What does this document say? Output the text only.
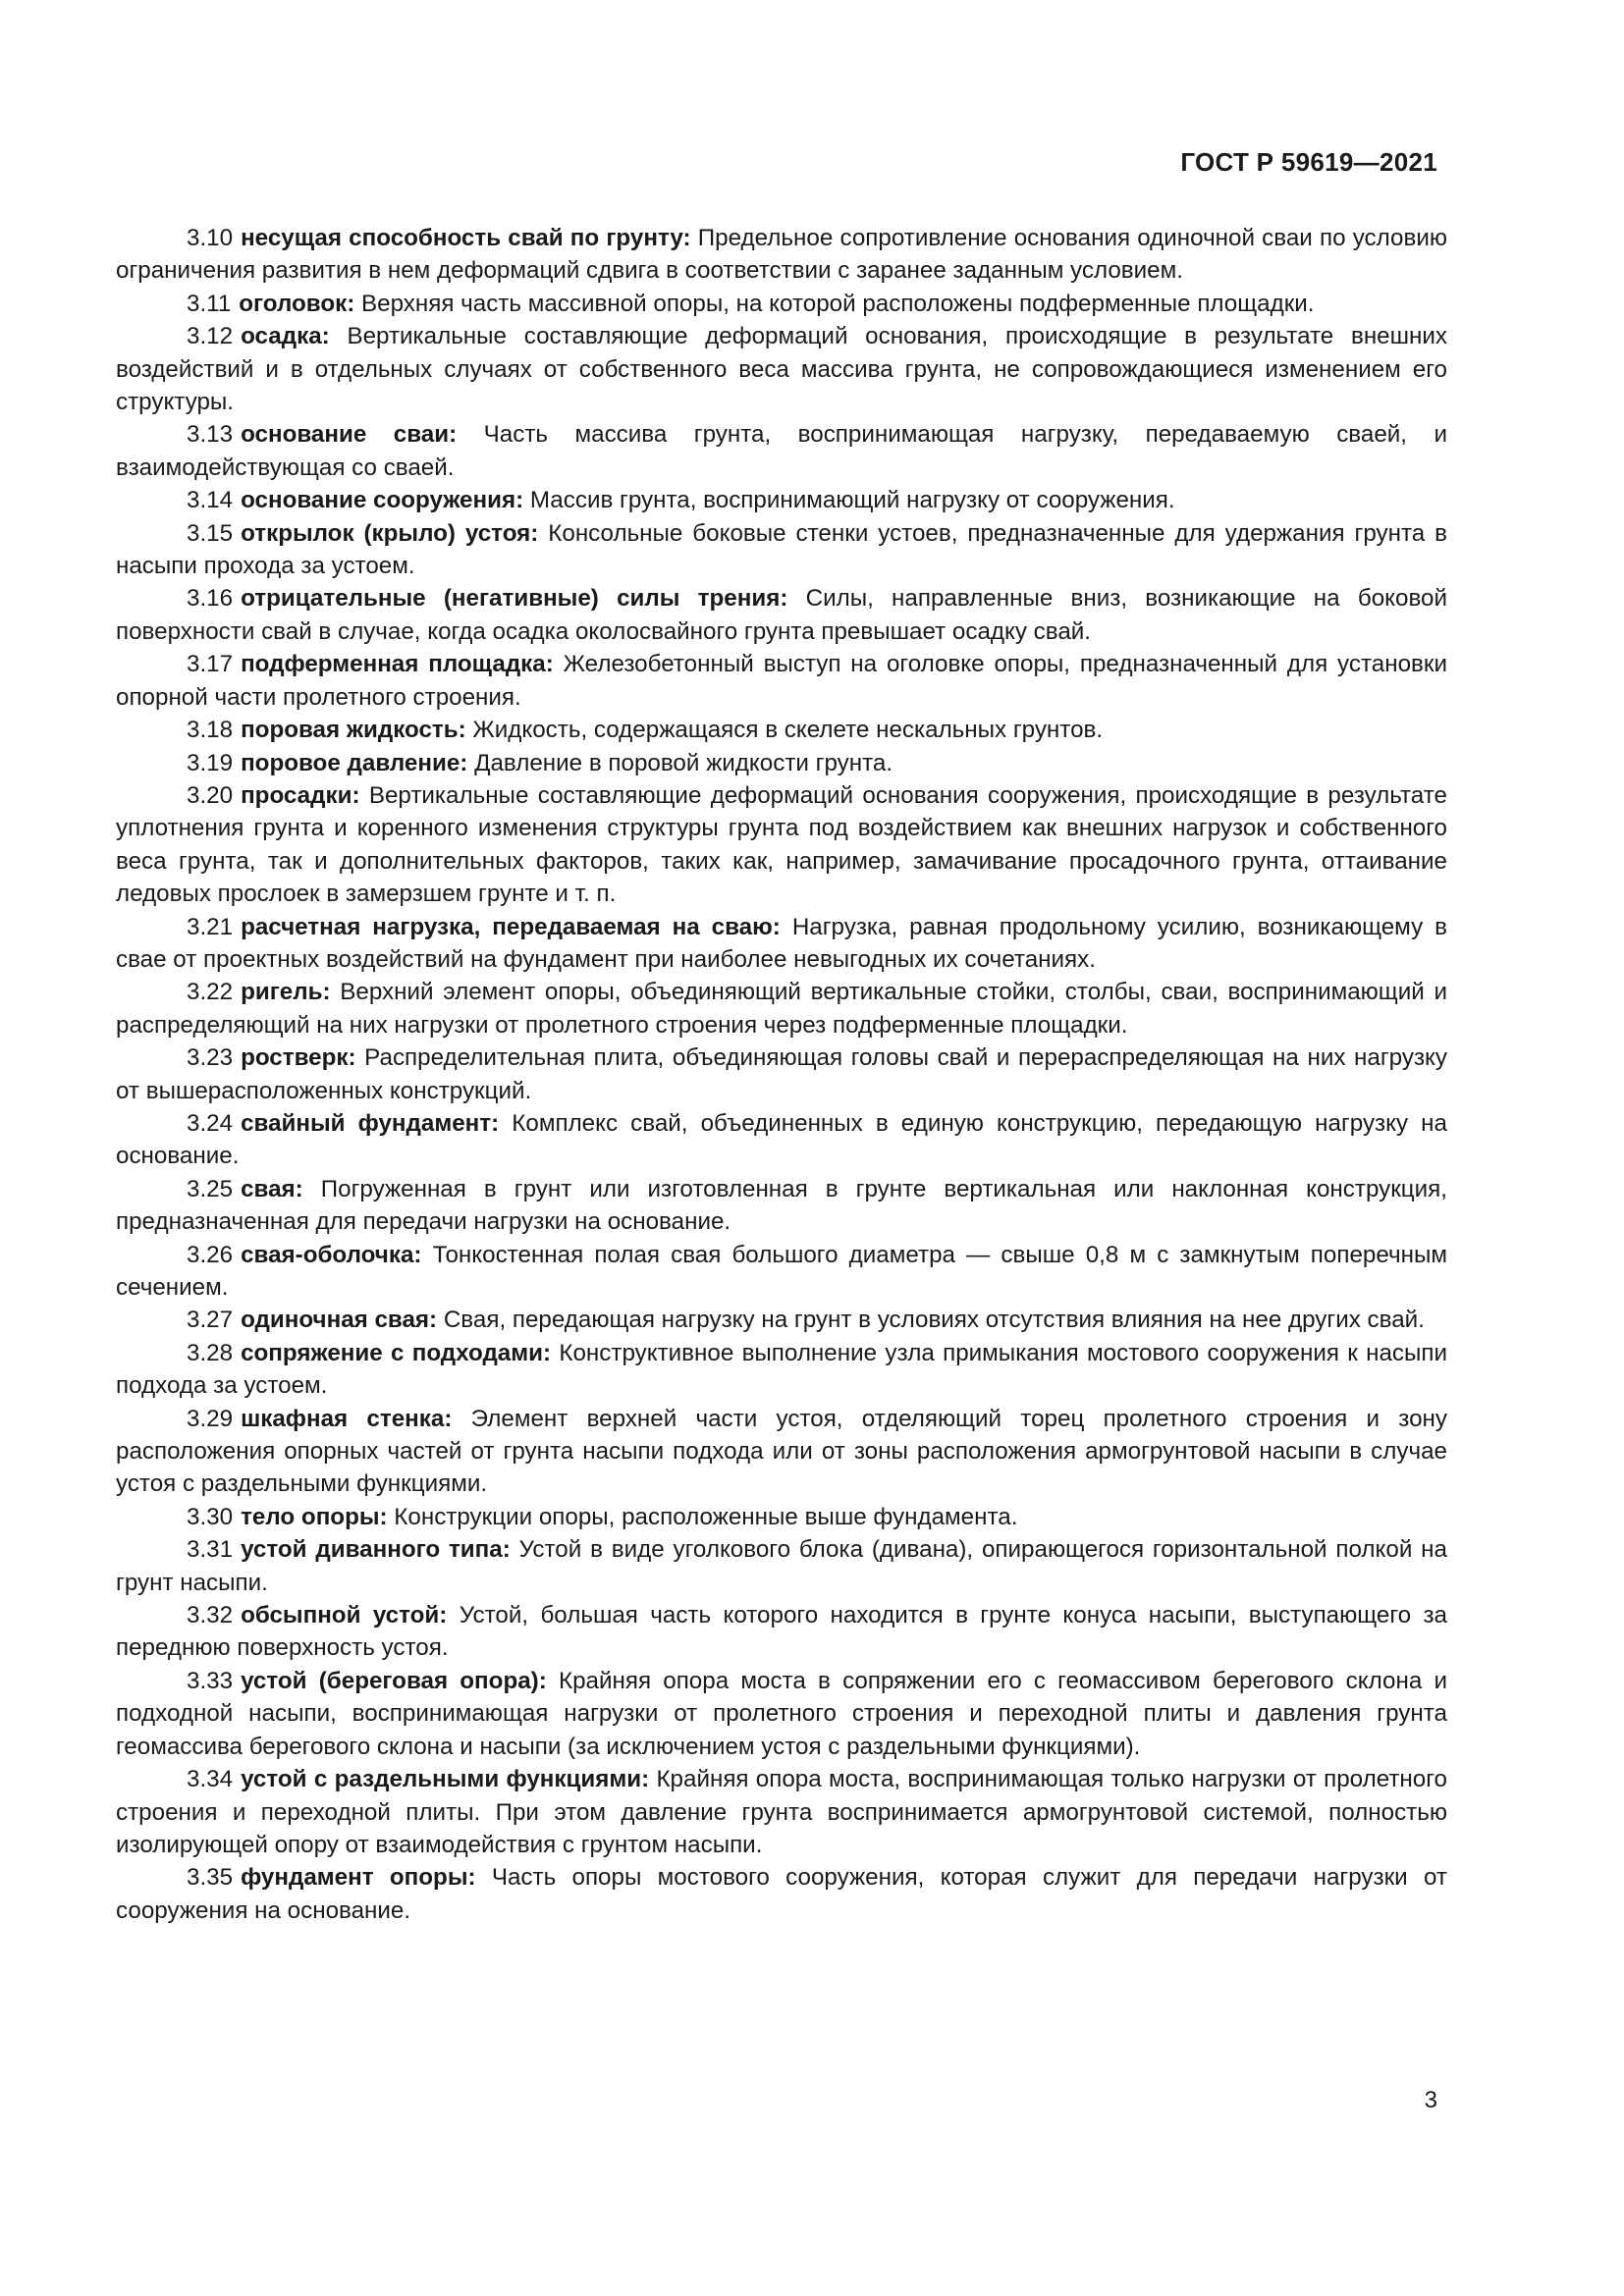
ГОСТ Р 59619—2021

3.10 несущая способность свай по грунту: Предельное сопротивление основания одиночной сваи по условию ограничения развития в нем деформаций сдвига в соответствии с заранее заданным условием.

3.11 оголовок: Верхняя часть массивной опоры, на которой расположены подферменные площадки.

3.12 осадка: Вертикальные составляющие деформаций основания, происходящие в результате внешних воздействий и в отдельных случаях от собственного веса массива грунта, не сопровождающиеся изменением его структуры.

3.13 основание сваи: Часть массива грунта, воспринимающая нагрузку, передаваемую сваей, и взаимодействующая со сваей.

3.14 основание сооружения: Массив грунта, воспринимающий нагрузку от сооружения.

3.15 открылок (крыло) устоя: Консольные боковые стенки устоев, предназначенные для удержания грунта в насыпи прохода за устоем.

3.16 отрицательные (негативные) силы трения: Силы, направленные вниз, возникающие на боковой поверхности свай в случае, когда осадка околосвайного грунта превышает осадку свай.

3.17 подферменная площадка: Железобетонный выступ на оголовке опоры, предназначенный для установки опорной части пролетного строения.

3.18 поровая жидкость: Жидкость, содержащаяся в скелете нескальных грунтов.

3.19 поровое давление: Давление в поровой жидкости грунта.

3.20 просадки: Вертикальные составляющие деформаций основания сооружения, происходящие в результате уплотнения грунта и коренного изменения структуры грунта под воздействием как внешних нагрузок и собственного веса грунта, так и дополнительных факторов, таких как, например, замачивание просадочного грунта, оттаивание ледовых прослоек в замерзшем грунте и т. п.

3.21 расчетная нагрузка, передаваемая на сваю: Нагрузка, равная продольному усилию, возникающему в свае от проектных воздействий на фундамент при наиболее невыгодных их сочетаниях.

3.22 ригель: Верхний элемент опоры, объединяющий вертикальные стойки, столбы, сваи, воспринимающий и распределяющий на них нагрузки от пролетного строения через подферменные площадки.

3.23 ростверк: Распределительная плита, объединяющая головы свай и перераспределяющая на них нагрузку от вышерасположенных конструкций.

3.24 свайный фундамент: Комплекс свай, объединенных в единую конструкцию, передающую нагрузку на основание.

3.25 свая: Погруженная в грунт или изготовленная в грунте вертикальная или наклонная конструкция, предназначенная для передачи нагрузки на основание.

3.26 свая-оболочка: Тонкостенная полая свая большого диаметра — свыше 0,8 м с замкнутым поперечным сечением.

3.27 одиночная свая: Свая, передающая нагрузку на грунт в условиях отсутствия влияния на нее других свай.

3.28 сопряжение с подходами: Конструктивное выполнение узла примыкания мостового сооружения к насыпи подхода за устоем.

3.29 шкафная стенка: Элемент верхней части устоя, отделяющий торец пролетного строения и зону расположения опорных частей от грунта насыпи подхода или от зоны расположения армогрунтовой насыпи в случае устоя с раздельными функциями.

3.30 тело опоры: Конструкции опоры, расположенные выше фундамента.

3.31 устой диванного типа: Устой в виде уголкового блока (дивана), опирающегося горизонтальной полкой на грунт насыпи.

3.32 обсыпной устой: Устой, большая часть которого находится в грунте конуса насыпи, выступающего за переднюю поверхность устоя.

3.33 устой (береговая опора): Крайняя опора моста в сопряжении его с геомассивом берегового склона и подходной насыпи, воспринимающая нагрузки от пролетного строения и переходной плиты и давления грунта геомассива берегового склона и насыпи (за исключением устоя с раздельными функциями).

3.34 устой с раздельными функциями: Крайняя опора моста, воспринимающая только нагрузки от пролетного строения и переходной плиты. При этом давление грунта воспринимается армогрунтовой системой, полностью изолирующей опору от взаимодействия с грунтом насыпи.

3.35 фундамент опоры: Часть опоры мостового сооружения, которая служит для передачи нагрузки от сооружения на основание.

3
